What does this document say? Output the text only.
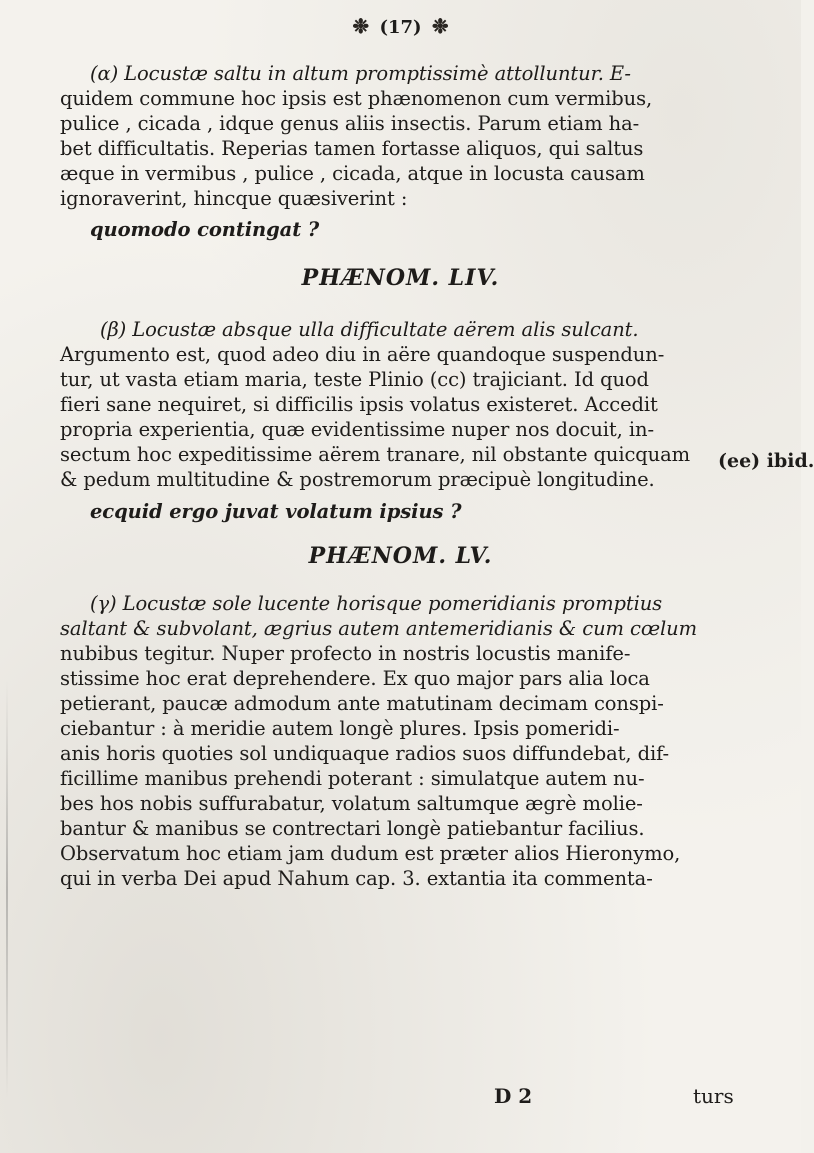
❉ (17) ❉
(α) Locustæ saltu in altum promptissimè attolluntur. E-
quidem commune hoc ipsis est phænomenon cum vermibus,
pulice , cicada , idque genus aliis insectis. Parum etiam ha-
bet difficultatis. Reperias tamen fortasse aliquos, qui saltus
æque in vermibus , pulice , cicada, atque in locusta causam
ignoraverint, hincque quæsiverint :
quomodo contingat ?
PHÆNOM. LIV.
(β) Locustæ absque ulla difficultate aërem alis sulcant.
Argumento est, quod adeo diu in aëre quandoque suspendun-
tur, ut vasta etiam maria, teste Plinio (cc) trajiciant. Id quod
fieri sane nequiret, si difficilis ipsis volatus existeret. Accedit
propria experientia, quæ evidentissime nuper nos docuit, in-
sectum hoc expeditissime aërem tranare, nil obstante quicquam
& pedum multitudine & postremorum præcipuè longitudine.
ecquid ergo juvat volatum ipsius ?
PHÆNOM. LV.
(γ) Locustæ sole lucente horisque pomeridianis promptius
saltant & subvolant, ægrius autem antemeridianis & cum cœlum
nubibus tegitur. Nuper profecto in nostris locustis manife-
stissime hoc erat deprehendere. Ex quo major pars alia loca
petierant, paucæ admodum ante matutinam decimam conspi-
ciebantur : à meridie autem longè plures. Ipsis pomeridi-
anis horis quoties sol undiquaque radios suos diffundebat, dif-
ficillime manibus prehendi poterant : simulatque autem nu-
bes hos nobis suffurabatur, volatum saltumque ægrè molie-
bantur & manibus se contrectari longè patiebantur facilius.
Observatum hoc etiam jam dudum est præter alios Hieronymo,
qui in verba Dei apud Nahum cap. 3. extantia ita commenta-
(ee) ibid.
D 2	turs
